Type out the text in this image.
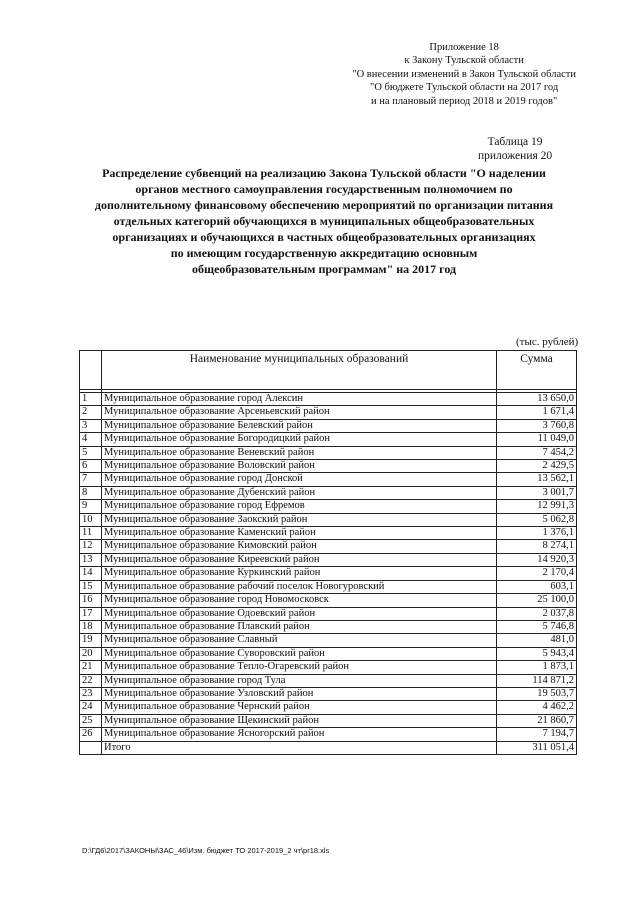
Приложение 18
к Закону Тульской области
"О внесении изменений в Закон Тульской области
"О бюджете Тульской области на 2017 год
и на плановый период 2018 и 2019 годов"
Таблица 19
приложения 20
Распределение субвенций на реализацию Закона Тульской области "О наделении
органов местного самоуправления государственным полномочием по
дополнительному финансовому обеспечению мероприятий по организации питания
отдельных категорий обучающихся в муниципальных общеобразовательных
организациях и обучающихся в частных общеобразовательных организациях
по имеющим государственную аккредитацию основным
общеобразовательным программам" на 2017 год
(тыс. рублей)
	Наименование муниципальных образований	Сумма

1	Муниципальное образование город Алексин	13 650,0
2	Муниципальное образование Арсеньевский район	1 671,4
3	Муниципальное образование Белевский район	3 760,8
4	Муниципальное образование Богородицкий район	11 049,0
5	Муниципальное образование Веневский район	7 454,2
6	Муниципальное образование Воловский район	2 429,5
7	Муниципальное образование город Донской	13 562,1
8	Муниципальное образование Дубенский район	3 001,7
9	Муниципальное образование город Ефремов	12 991,3
10	Муниципальное образование Заокский район	5 062,8
11	Муниципальное образование Каменский район	1 376,1
12	Муниципальное образование Кимовский район	8 274,1
13	Муниципальное образование Киреевский район	14 920,3
14	Муниципальное образование Куркинский район	2 170,4
15	Муниципальное образование рабочий поселок Новогуровский	603,1
16	Муниципальное образование город Новомосковск	25 100,0
17	Муниципальное образование Одоевский район	2 037,8
18	Муниципальное образование Плавский район	5 746,8
19	Муниципальное образование Славный	481,0
20	Муниципальное образование Суворовский район	5 943,4
21	Муниципальное образование Тепло-Огаревский район	1 873,1
22	Муниципальное образование город Тула	114 871,2
23	Муниципальное образование Узловский район	19 503,7
24	Муниципальное образование Чернский район	4 462,2
25	Муниципальное образование Щекинский район	21 860,7
26	Муниципальное образование Ясногорский район	7 194,7
	Итого	311 051,4
D:\ГД6\2017\ЗАКОНЫ\ЗАС_46\Изм. бюджет ТО 2017-2019_2 чт\pr18.xls
